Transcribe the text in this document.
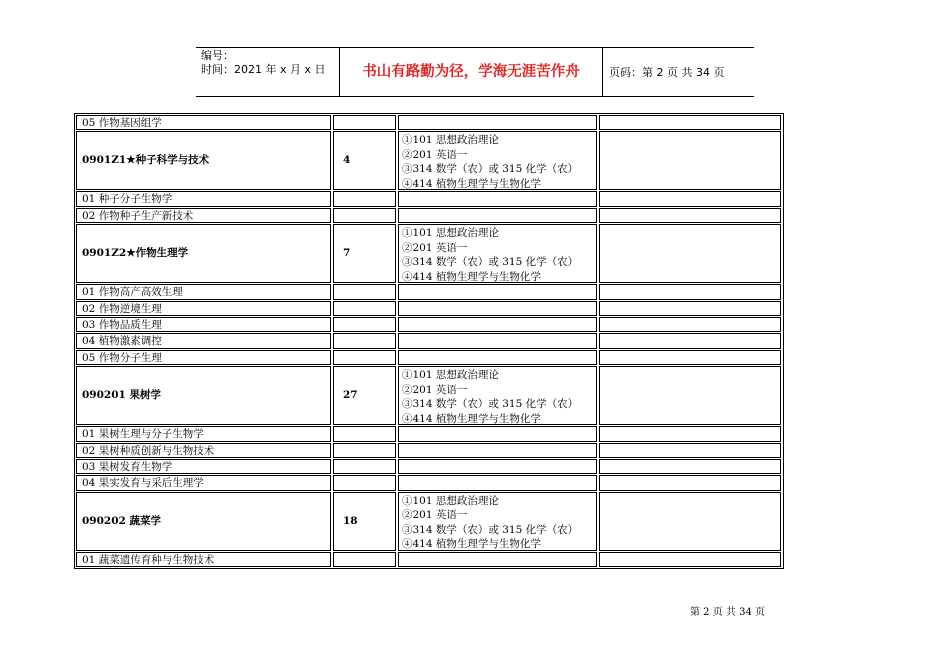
编号：
时间：2021 年 x 月 x 日	书山有路勤为径，学海无涯苦作舟	页码：第 2 页 共 34 页
05 作物基因组学
0901Z1★种子科学与技术	4
①101 思想政治理论
②201 英语一
③314 数学（农）或 315 化学（农）
④414 植物生理学与生物化学
01 种子分子生物学
02 作物种子生产新技术
0901Z2★作物生理学	7
①101 思想政治理论
②201 英语一
③314 数学（农）或 315 化学（农）
④414 植物生理学与生物化学
01 作物高产高效生理
02 作物逆境生理
03 作物品质生理
04 植物激素调控
05 作物分子生理
090201 果树学	27
①101 思想政治理论
②201 英语一
③314 数学（农）或 315 化学（农）
④414 植物生理学与生物化学
01 果树生理与分子生物学
02 果树种质创新与生物技术
03 果树发育生物学
04 果实发育与采后生理学
090202 蔬菜学	18
①101 思想政治理论
②201 英语一
③314 数学（农）或 315 化学（农）
④414 植物生理学与生物化学
01 蔬菜遗传育种与生物技术
第 2 页 共 34 页
